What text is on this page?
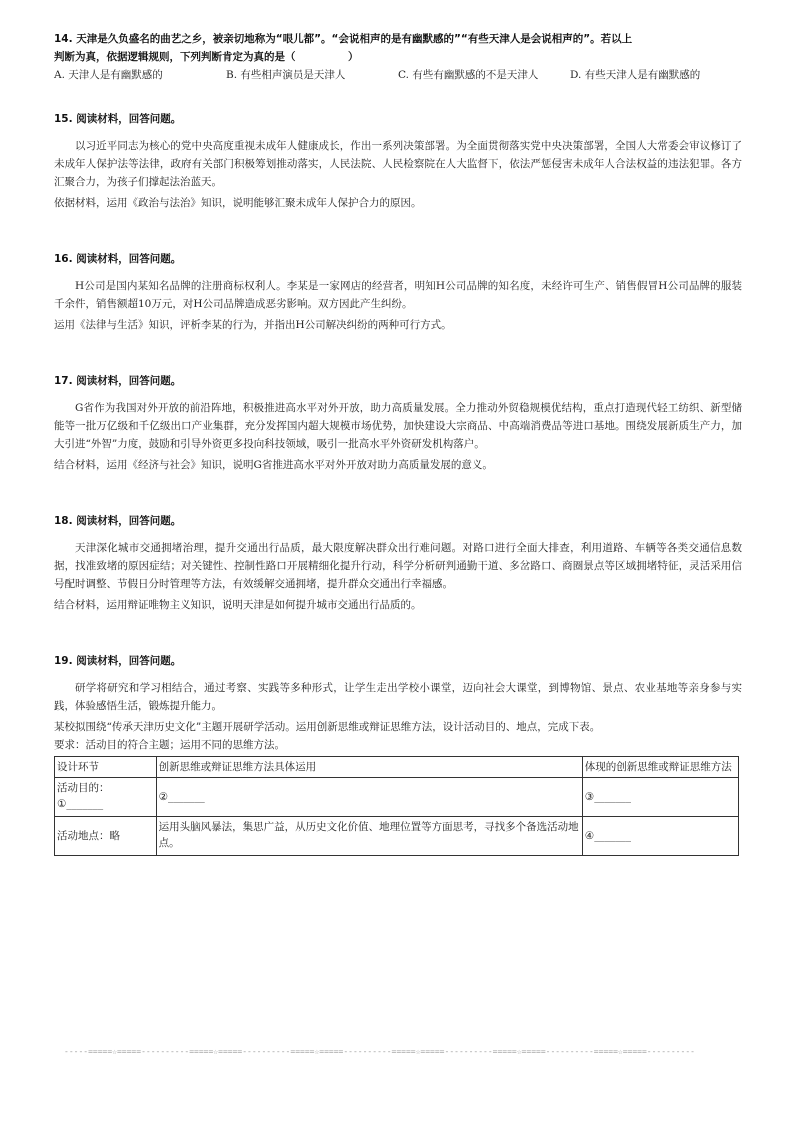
14. 天津是久负盛名的曲艺之乡，被亲切地称为“哏儿都”。“会说相声的是有幽默感的”“有些天津人是会说相声的”。若以上

判断为真，依据逻辑规则，下列判断肯定为真的是（　　　　　）

A. 天津人是有幽默感的	B. 有些相声演员是天津人	C. 有些有幽默感的不是天津人	D. 有些天津人是有幽默感的

15. 阅读材料，回答问题。

以习近平同志为核心的党中央高度重视未成年人健康成长，作出一系列决策部署。为全面贯彻落实党中央决策部署，全国人大常委会审议修订了未成年人保护法等法律，政府有关部门积极筹划推动落实，人民法院、人民检察院在人大监督下，依法严惩侵害未成年人合法权益的违法犯罪。各方汇聚合力，为孩子们撑起法治蓝天。

依据材料，运用《政治与法治》知识，说明能够汇聚未成年人保护合力的原因。

16. 阅读材料，回答问题。

H公司是国内某知名品牌的注册商标权利人。李某是一家网店的经营者，明知H公司品牌的知名度，未经许可生产、销售假冒H公司品牌的服装千余件，销售额超10万元，对H公司品牌造成恶劣影响。双方因此产生纠纷。

运用《法律与生活》知识，评析李某的行为，并指出H公司解决纠纷的两种可行方式。

17. 阅读材料，回答问题。

G省作为我国对外开放的前沿阵地，积极推进高水平对外开放，助力高质量发展。全力推动外贸稳规模优结构，重点打造现代轻工纺织、新型储能等一批万亿级和千亿级出口产业集群，充分发挥国内超大规模市场优势，加快建设大宗商品、中高端消费品等进口基地。围绕发展新质生产力，加大引进“外智”力度，鼓励和引导外资更多投向科技领域，吸引一批高水平外资研发机构落户。

结合材料，运用《经济与社会》知识，说明G省推进高水平对外开放对助力高质量发展的意义。

18. 阅读材料，回答问题。

天津深化城市交通拥堵治理，提升交通出行品质，最大限度解决群众出行难问题。对路口进行全面大排查，利用道路、车辆等各类交通信息数据，找准致堵的原因症结；对关键性、控制性路口开展精细化提升行动，科学分析研判通勤干道、多岔路口、商圈景点等区域拥堵特征，灵活采用信号配时调整、节假日分时管理等方法，有效缓解交通拥堵，提升群众交通出行幸福感。

结合材料，运用辩证唯物主义知识，说明天津是如何提升城市交通出行品质的。

19. 阅读材料，回答问题。

研学将研究和学习相结合，通过考察、实践等多种形式，让学生走出学校小课堂，迈向社会大课堂，到博物馆、景点、农业基地等亲身参与实践，体验感悟生活，锻炼提升能力。

某校拟围绕“传承天津历史文化”主题开展研学活动。运用创新思维或辩证思维方法，设计活动目的、地点，完成下表。

要求：活动目的符合主题；运用不同的思维方法。

设计环节	创新思维或辩证思维方法具体运用	体现的创新思维或辩证思维方法

活动目的：
①_______	②_______	③_______
活动地点：略	运用头脑风暴法，集思广益，从历史文化价值、地理位置等方面思考，寻找多个备选活动地点。	④_______
-----=====☆=====----------=====☆=====----------=====☆=====----------=====☆=====----------=====☆=====----------=====☆=====----------
